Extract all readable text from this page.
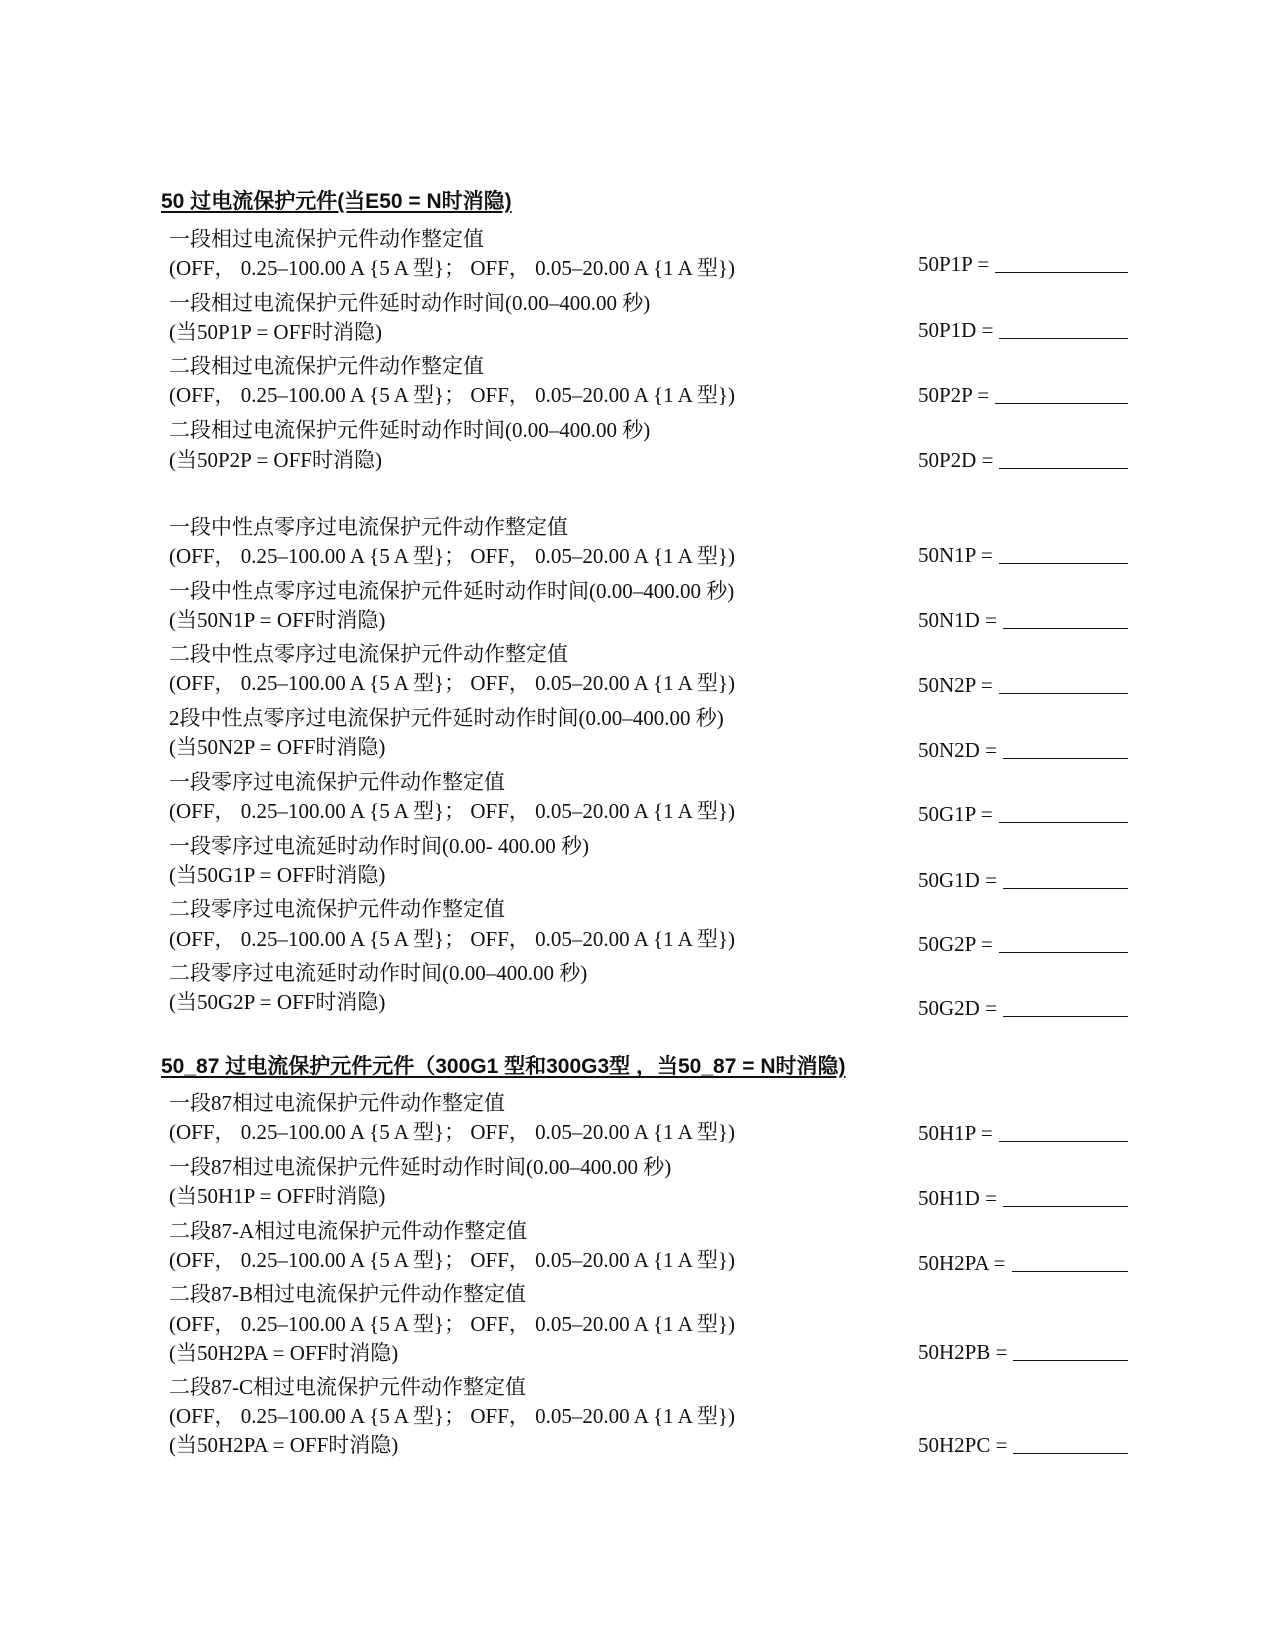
50 过电流保护元件(当E50 = N时消隐)
一段相过电流保护元件动作整定值
(OFF， 0.25–100.00 A {5 A 型}； OFF， 0.05–20.00 A {1 A 型})	50P1P =
一段相过电流保护元件延时动作时间(0.00–400.00 秒)
(当50P1P = OFF时消隐)	50P1D =
二段相过电流保护元件动作整定值
(OFF， 0.25–100.00 A {5 A 型}； OFF， 0.05–20.00 A {1 A 型})	50P2P =
二段相过电流保护元件延时动作时间(0.00–400.00 秒)
(当50P2P = OFF时消隐)	50P2D =
一段中性点零序过电流保护元件动作整定值
(OFF， 0.25–100.00 A {5 A 型}； OFF， 0.05–20.00 A {1 A 型})	50N1P =
一段中性点零序过电流保护元件延时动作时间(0.00–400.00 秒)
(当50N1P = OFF时消隐)	50N1D =
二段中性点零序过电流保护元件动作整定值
(OFF， 0.25–100.00 A {5 A 型}； OFF， 0.05–20.00 A {1 A 型})	50N2P =
2段中性点零序过电流保护元件延时动作时间(0.00–400.00 秒)
(当50N2P = OFF时消隐)	50N2D =
一段零序过电流保护元件动作整定值
(OFF， 0.25–100.00 A {5 A 型}； OFF， 0.05–20.00 A {1 A 型})	50G1P =
一段零序过电流延时动作时间(0.00- 400.00 秒)
(当50G1P = OFF时消隐)	50G1D =
二段零序过电流保护元件动作整定值
(OFF， 0.25–100.00 A {5 A 型}； OFF， 0.05–20.00 A {1 A 型})	50G2P =
二段零序过电流延时动作时间(0.00–400.00 秒)
(当50G2P = OFF时消隐)	50G2D =
50_87 过电流保护元件元件（300G1 型和300G3型 ，当50_87 = N时消隐)
一段87相过电流保护元件动作整定值
(OFF， 0.25–100.00 A {5 A 型}； OFF， 0.05–20.00 A {1 A 型})	50H1P =
一段87相过电流保护元件延时动作时间(0.00–400.00 秒)
(当50H1P = OFF时消隐)	50H1D =
二段87-A相过电流保护元件动作整定值
(OFF， 0.25–100.00 A {5 A 型}； OFF， 0.05–20.00 A {1 A 型})	50H2PA =
二段87-B相过电流保护元件动作整定值
(OFF， 0.25–100.00 A {5 A 型}； OFF， 0.05–20.00 A {1 A 型})
(当50H2PA = OFF时消隐)	50H2PB =
二段87-C相过电流保护元件动作整定值
(OFF， 0.25–100.00 A {5 A 型}； OFF， 0.05–20.00 A {1 A 型})
(当50H2PA = OFF时消隐)	50H2PC =
